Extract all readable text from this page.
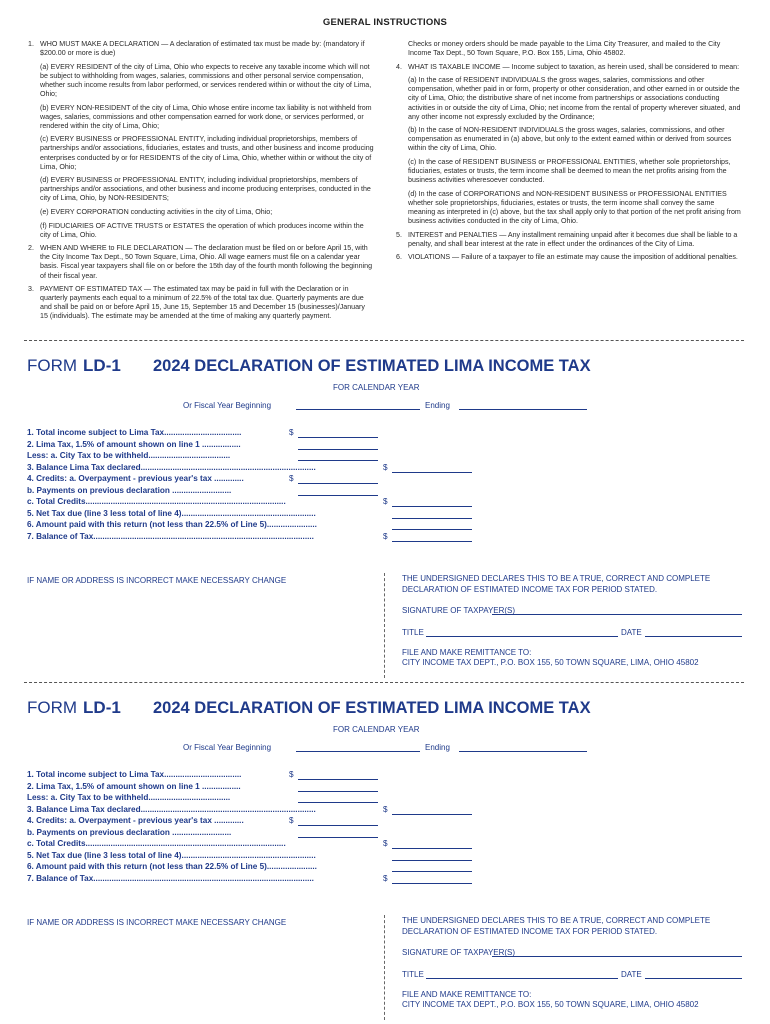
GENERAL INSTRUCTIONS

1. WHO MUST MAKE A DECLARATION — A declaration of estimated tax must be made by: (mandatory if $200.00 or more is due)

(a) EVERY RESIDENT of the city of Lima, Ohio who expects to receive any taxable income which will not be subject to withholding from wages, salaries, commissions and other personal service compensation, whether such income results from labor performed, or services rendered within or without the city of Lima, Ohio;

(b) EVERY NON-RESIDENT of the city of Lima, Ohio whose entire income tax liability is not withheld from wages, salaries, commissions and other compensation earned for work done, or services performed, or rendered within the city of Lima, Ohio;

(c) EVERY BUSINESS or PROFESSIONAL ENTITY, including individual proprietorships, members of partnerships and/or associations, fiduciaries, estates and trusts, and other business and income producing enterprises conducted by or for RESIDENTS of the city of Lima, Ohio, whether within or without the city of Lima, Ohio;

(d) EVERY BUSINESS or PROFESSIONAL ENTITY, including individual proprietorships, members of partnerships and/or associations, and other business and income producing enterprises, conducted in the city of Lima, Ohio, by NON-RESIDENTS;

(e) EVERY CORPORATION conducting activities in the city of Lima, Ohio;

(f) FIDUCIARIES OF ACTIVE TRUSTS or ESTATES the operation of which produces income within the city of Lima, Ohio.

2. WHEN AND WHERE to FILE DECLARATION — The declaration must be filed on or before April 15, with the City Income Tax Dept., 50 Town Square, Lima, Ohio. All wage earners must file on a calendar year basis. Fiscal year taxpayers shall file on or before the 15th day of the fourth month following the beginning of their fiscal year.

3. PAYMENT OF ESTIMATED TAX — The estimated tax may be paid in full with the Declaration or in quarterly payments each equal to a minimum of 22.5% of the total tax due. Quarterly payments are due and shall be paid on or before April 15, June 15, September 15 and December 15 (businesses)/January 15 (individuals). The estimate may be amended at the time of making any quarterly payment.

Checks or money orders should be made payable to the Lima City Treasurer, and mailed to the City Income Tax Dept., 50 Town Square, P.O. Box 155, Lima, Ohio 45802.

4. WHAT IS TAXABLE INCOME — Income subject to taxation, as herein used, shall be considered to mean:

(a) In the case of RESIDENT INDIVIDUALS the gross wages, salaries, commissions and other compensation, whether paid in or form, property or other consideration, and other earned in or outside the city of Lima, Ohio; the distributive share of net income from partnerships or associations conducting activities in or outside the city of Lima, Ohio; net income from the rental of property wherever situated, and any other income not expressly excluded by the Ordinance;

(b) In the case of NON-RESIDENT INDIVIDUALS the gross wages, salaries, commissions, and other compensation as enumerated in (a) above, but only to the extent earned within or derived from sources within the city of Lima, Ohio.

(c) In the case of RESIDENT BUSINESS or PROFESSIONAL ENTITIES, whether sole proprietorships, fiduciaries, estates or trusts, the term income shall be deemed to mean the net profits arising from the business activities wheresoever conducted.

(d) In the case of CORPORATIONS and NON-RESIDENT BUSINESS or PROFESSIONAL ENTITIES whether sole proprietorships, fiduciaries, estates or trusts, the term income shall convey the same meaning as interpreted in (c) above, but the tax shall apply only to that portion of the net profit arising from business activities conducted in the city of Lima, Ohio.

5. INTEREST and PENALTIES — Any installment remaining unpaid after it becomes due shall be liable to a penalty, and shall bear interest at the rate in effect under the ordinances of the City of Lima.

6. VIOLATIONS — Failure of a taxpayer to file an estimate may cause the imposition of additional penalties.

FORM LD-1 2024 DECLARATION OF ESTIMATED LIMA INCOME TAX
FOR CALENDAR YEAR
Or Fiscal Year Beginning	Ending
1. Total income subject to Lima Tax..................................	$
2. Lima Tax, 1.5% of amount shown on line 1 .................
Less: a. City Tax to be withheld....................................
3. Balance Lima Tax declared.............................................................................	$
4. Credits: a. Overpayment - previous year's tax .............	$
b. Payments on previous declaration ..........................
c. Total Credits........................................................................................	$
5. Net Tax due (line 3 less total of line 4)...........................................................
6. Amount paid with this return (not less than 22.5% of Line 5)......................
7. Balance of Tax.................................................................................................	$
IF NAME OR ADDRESS IS INCORRECT MAKE NECESSARY CHANGE	THE UNDERSIGNED DECLARES THIS TO BE A TRUE, CORRECT AND COMPLETE
DECLARATION OF ESTIMATED INCOME TAX FOR PERIOD STATED.
SIGNATURE OF TAXPAYER(S)
TITLE	DATE
FILE AND MAKE REMITTANCE TO:
CITY INCOME TAX DEPT., P.O. BOX 155, 50 TOWN SQUARE, LIMA, OHIO 45802
FORM LD-1 2024 DECLARATION OF ESTIMATED LIMA INCOME TAX
FOR CALENDAR YEAR
Or Fiscal Year Beginning	Ending
1. Total income subject to Lima Tax..................................	$
2. Lima Tax, 1.5% of amount shown on line 1 .................
Less: a. City Tax to be withheld....................................
3. Balance Lima Tax declared.............................................................................	$
4. Credits: a. Overpayment - previous year's tax .............	$
b. Payments on previous declaration ..........................
c. Total Credits........................................................................................	$
5. Net Tax due (line 3 less total of line 4)...........................................................
6. Amount paid with this return (not less than 22.5% of Line 5)......................
7. Balance of Tax.................................................................................................	$
IF NAME OR ADDRESS IS INCORRECT MAKE NECESSARY CHANGE	THE UNDERSIGNED DECLARES THIS TO BE A TRUE, CORRECT AND COMPLETE
DECLARATION OF ESTIMATED INCOME TAX FOR PERIOD STATED.
SIGNATURE OF TAXPAYER(S)
TITLE	DATE
FILE AND MAKE REMITTANCE TO:
CITY INCOME TAX DEPT., P.O. BOX 155, 50 TOWN SQUARE, LIMA, OHIO 45802
